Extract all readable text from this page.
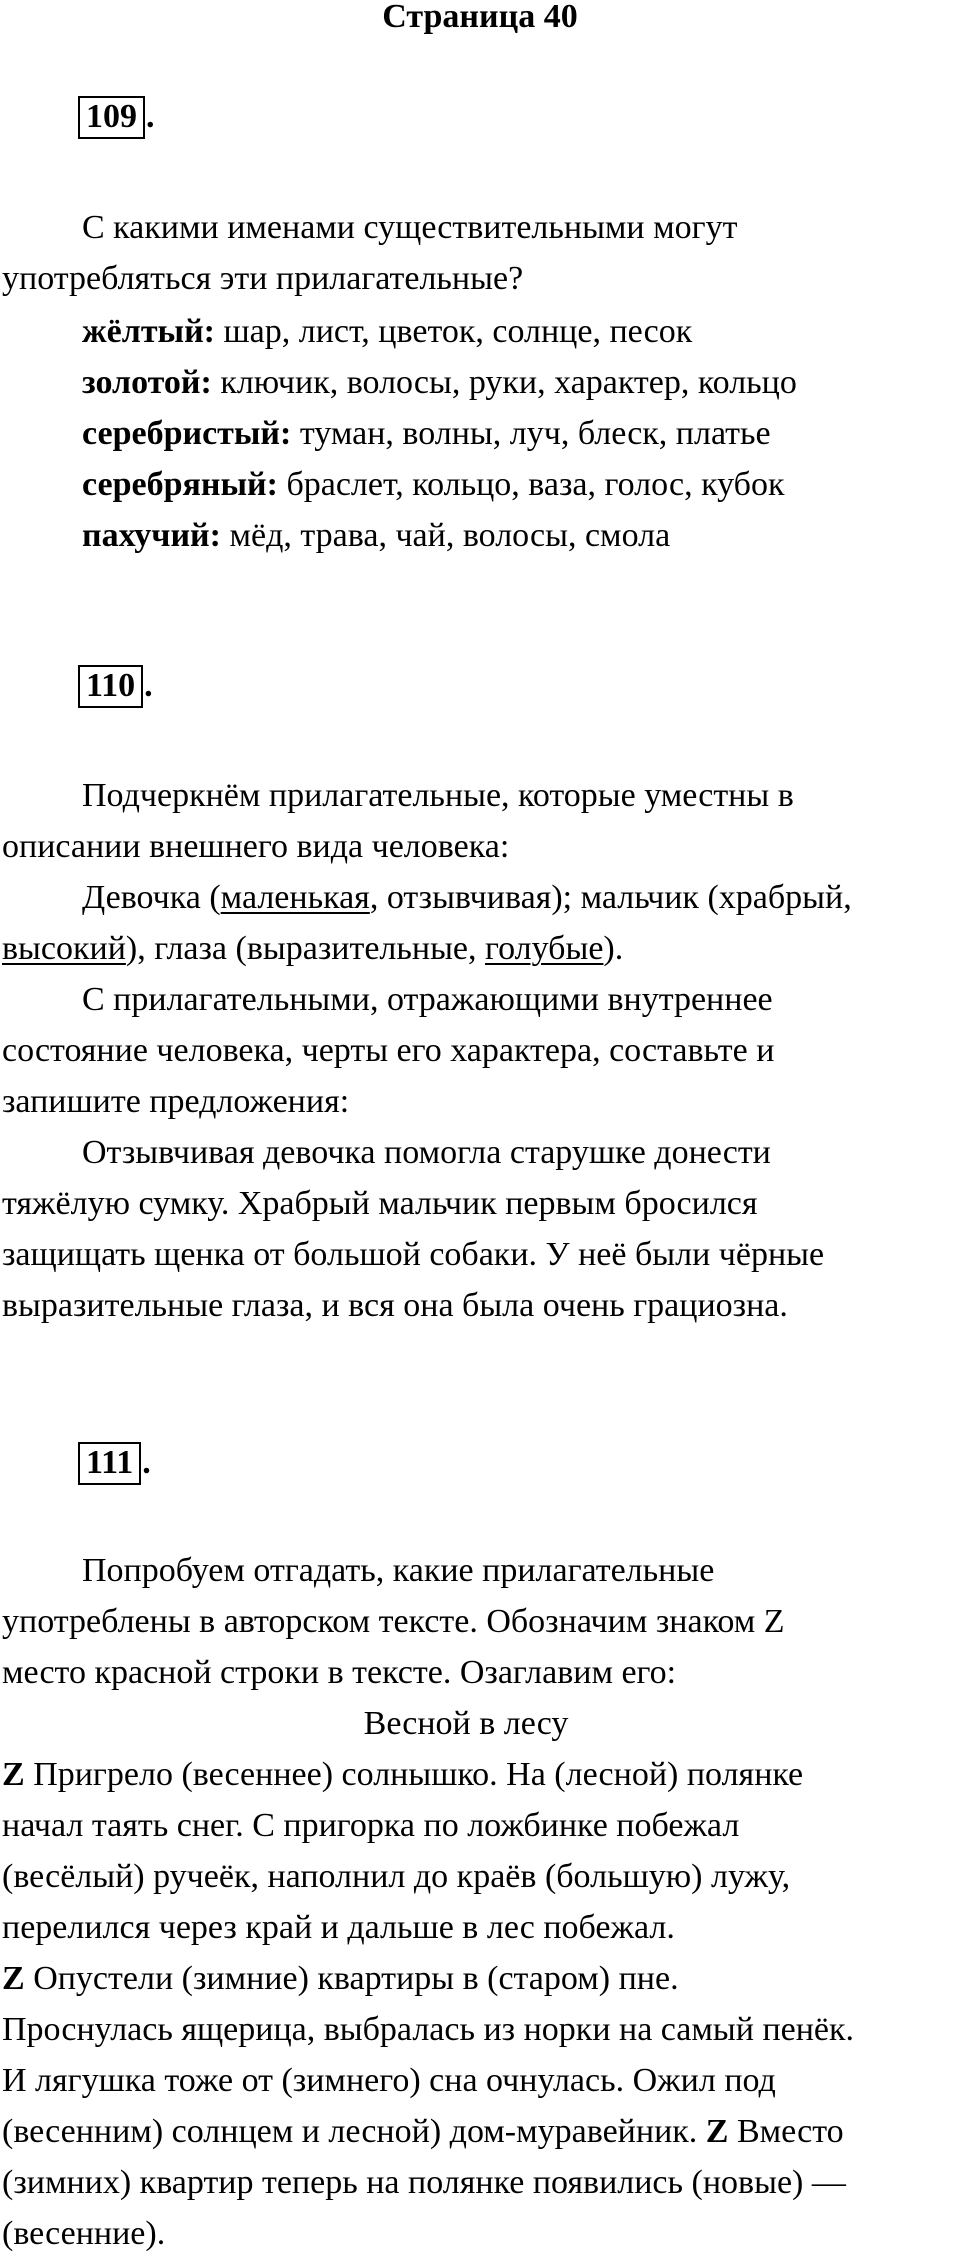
Страница 40
109 .
С какими именами существительными могут
употребляться эти прилагательные?
жёлтый: шар, лист, цветок, солнце, песок
золотой: ключик, волосы, руки, характер, кольцо
серебристый: туман, волны, луч, блеск, платье
серебряный: браслет, кольцо, ваза, голос, кубок
пахучий: мёд, трава, чай, волосы, смола
110 .
Подчеркнём прилагательные, которые уместны в
описании внешнего вида человека:
Девочка (маленькая, отзывчивая); мальчик (храбрый,
высокий), глаза (выразительные, голубые).
С прилагательными, отражающими внутреннее
состояние человека, черты его характера, составьте и
запишите предложения:
Отзывчивая девочка помогла старушке донести
тяжёлую сумку. Храбрый мальчик первым бросился
защищать щенка от большой собаки. У неё были чёрные
выразительные глаза, и вся она была очень грациозна.
111 .
Попробуем отгадать, какие прилагательные
употреблены в авторском тексте. Обозначим знаком Z
место красной строки в тексте. Озаглавим его:
Весной в лесу
Z Пригрело (весеннее) солнышко. На (лесной) полянке
начал таять снег. С пригорка по ложбинке побежал
(весёлый) ручеёк, наполнил до краёв (большую) лужу,
перелился через край и дальше в лес побежал.
Z Опустели (зимние) квартиры в (старом) пне.
Проснулась ящерица, выбралась из норки на самый пенёк.
И лягушка тоже от (зимнего) сна очнулась. Ожил под
(весенним) солнцем и лесной) дом-муравейник. Z Вместо
(зимних) квартир теперь на полянке появились (новые) —
(весенние).
